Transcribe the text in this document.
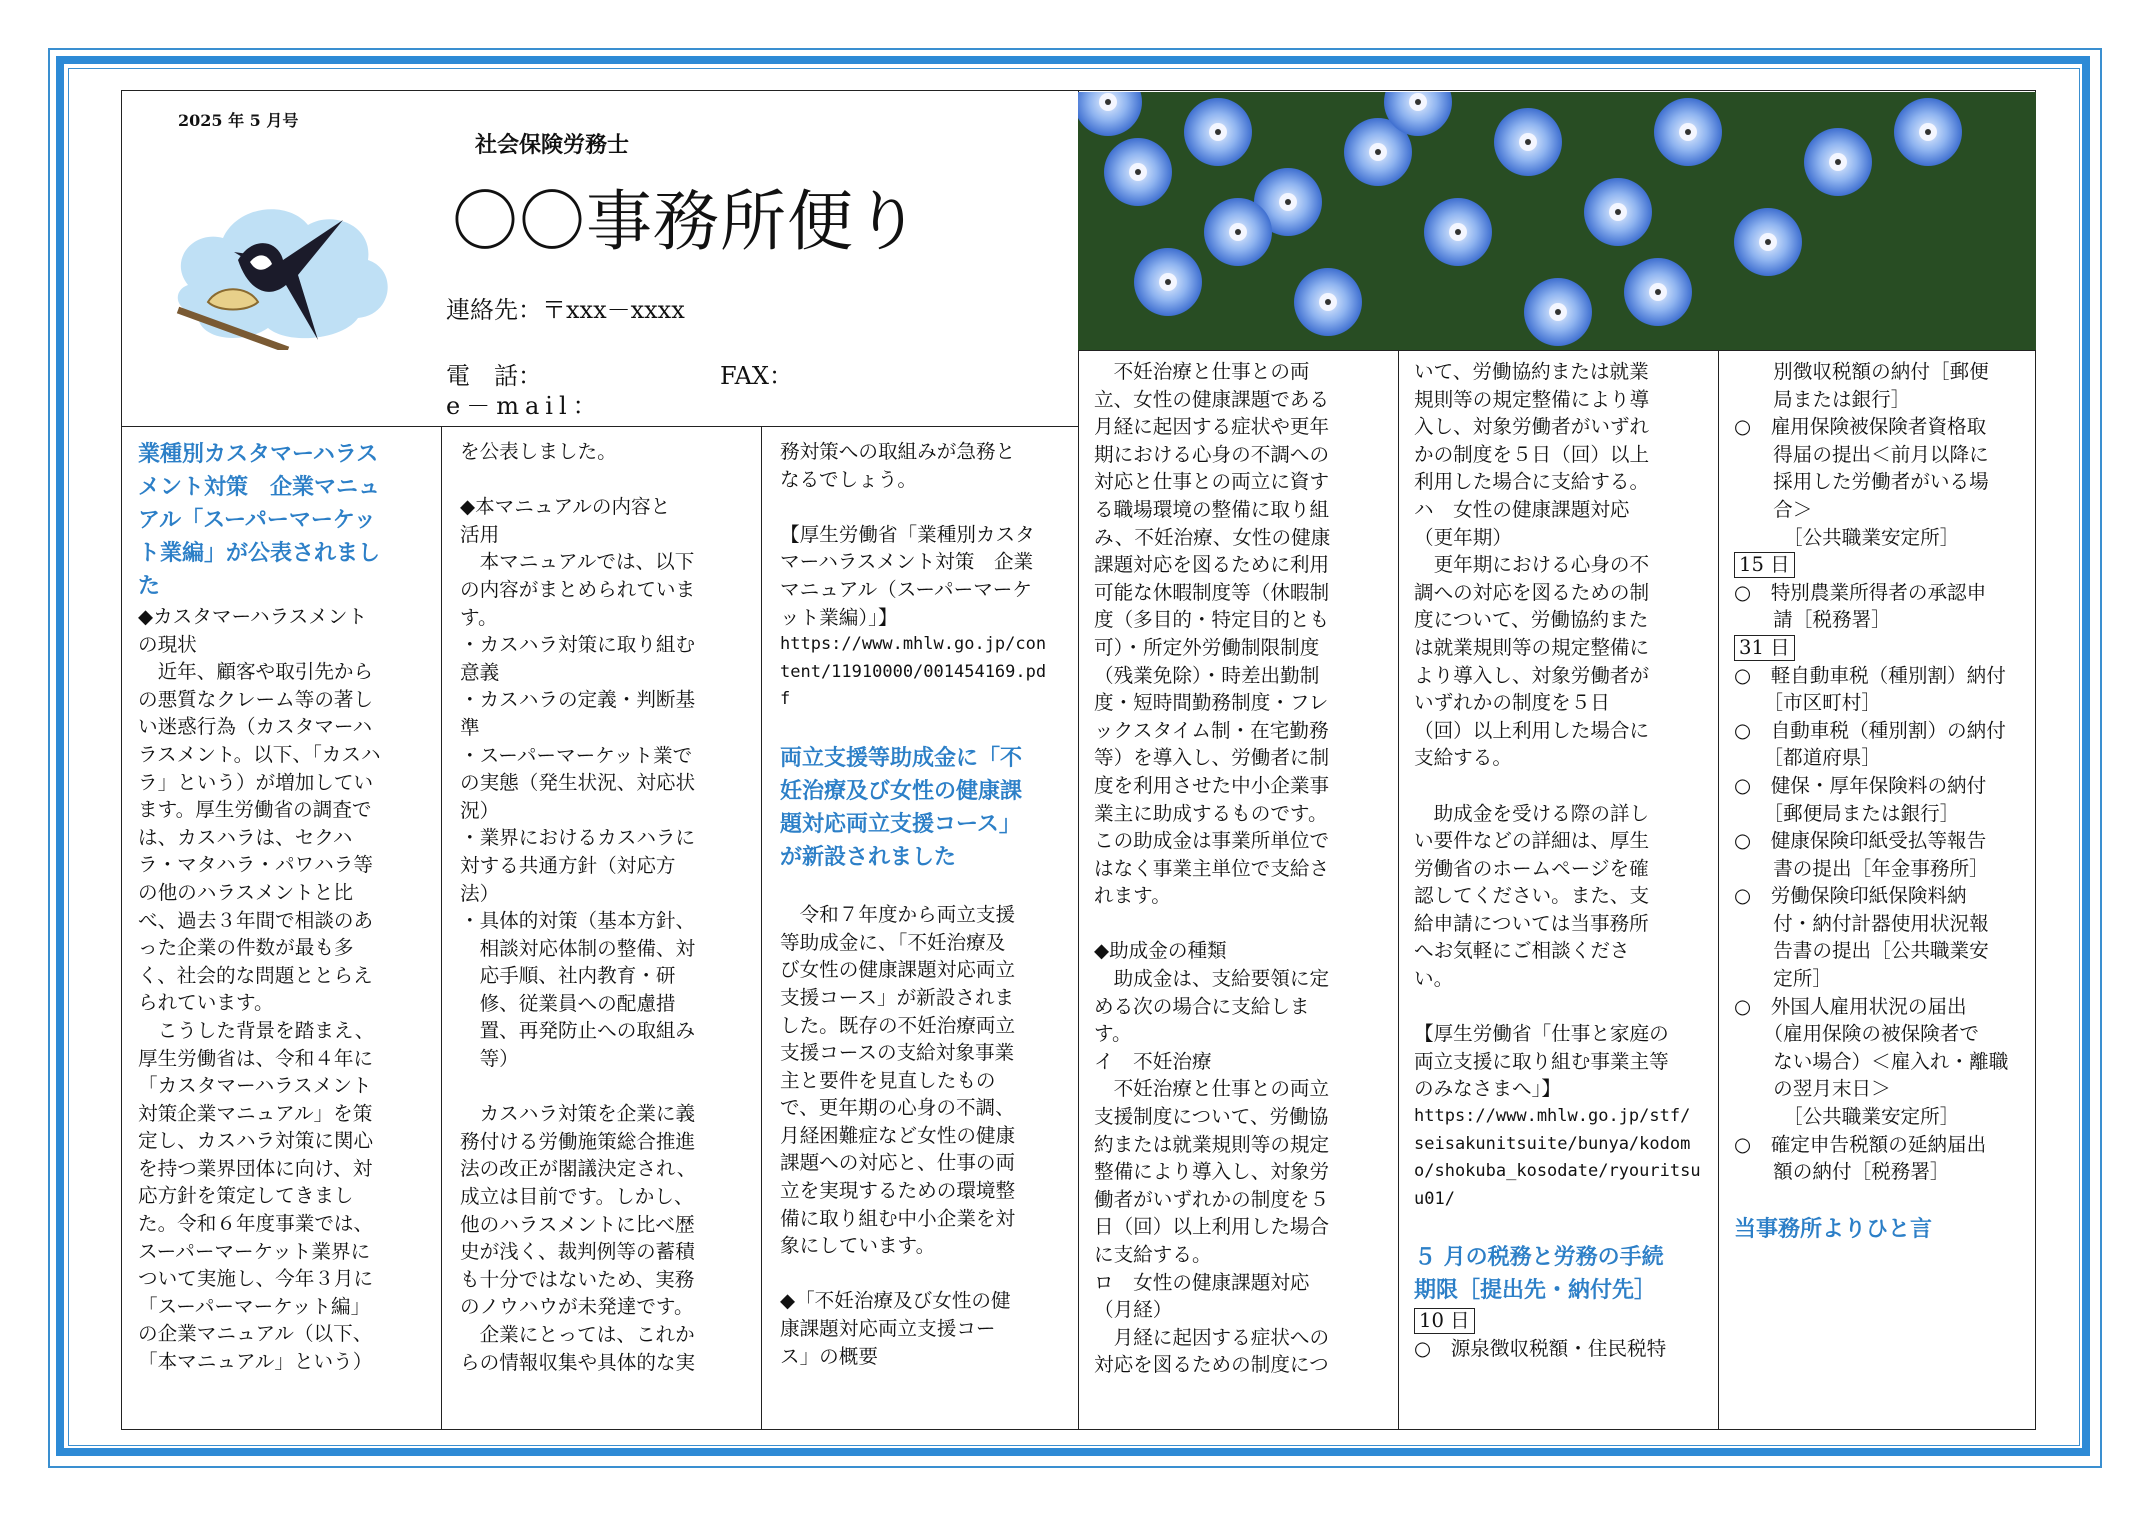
2025 年 5 月号
社会保険労務士
〇〇事務所便り
連絡先：〒xxx－xxxx
電　話：	FAX：
e－mail：

業種別カスタマーハラス

メント対策　企業マニュ

アル「スーパーマーケッ

ト業編」が公表されまし

た

◆カスタマーハラスメント

の現状

　近年、顧客や取引先から

の悪質なクレーム等の著し

い迷惑行為（カスタマーハ

ラスメント。以下、「カスハ

ラ」という）が増加してい

ます。厚生労働省の調査で

は、カスハラは、セクハ

ラ・マタハラ・パワハラ等

の他のハラスメントと比

べ、過去３年間で相談のあ

った企業の件数が最も多

く、社会的な問題ととらえ

られています。

　こうした背景を踏まえ、

厚生労働省は、令和４年に

「カスタマーハラスメント

対策企業マニュアル」を策

定し、カスハラ対策に関心

を持つ業界団体に向け、対

応方針を策定してきまし

た。令和６年度事業では、

スーパーマーケット業界に

ついて実施し、今年３月に

「スーパーマーケット編」

の企業マニュアル（以下、

「本マニュアル」という）

を公表しました。

◆本マニュアルの内容と

活用

　本マニュアルでは、以下

の内容がまとめられていま

す。

・カスハラ対策に取り組む

意義

・カスハラの定義・判断基

準

・スーパーマーケット業で

の実態（発生状況、対応状

況）

・業界におけるカスハラに

対する共通方針（対応方

法）

・具体的対策（基本方針、

　相談対応体制の整備、対

　応手順、社内教育・研

　修、従業員への配慮措

　置、再発防止への取組み

　等）

　カスハラ対策を企業に義

務付ける労働施策総合推進

法の改正が閣議決定され、

成立は目前です。しかし、

他のハラスメントに比べ歴

史が浅く、裁判例等の蓄積

も十分ではないため、実務

のノウハウが未発達です。

　企業にとっては、これか

らの情報収集や具体的な実

務対策への取組みが急務と

なるでしょう。

【厚生労働省「業種別カスタ

マーハラスメント対策　企業

マニュアル（スーパーマーケ

ット業編）」】

https://www.mhlw.go.jp/con

tent/11910000/001454169.pd

f

両立支援等助成金に「不

妊治療及び女性の健康課

題対応両立支援コース」

が新設されました

　令和７年度から両立支援

等助成金に、「不妊治療及

び女性の健康課題対応両立

支援コース」が新設されま

した。既存の不妊治療両立

支援コースの支給対象事業

主と要件を見直したもの

で、更年期の心身の不調、

月経困難症など女性の健康

課題への対応と、仕事の両

立を実現するための環境整

備に取り組む中小企業を対

象にしています。

◆「不妊治療及び女性の健

康課題対応両立支援コー

ス」の概要

　不妊治療と仕事との両

立、女性の健康課題である

月経に起因する症状や更年

期における心身の不調への

対応と仕事との両立に資す

る職場環境の整備に取り組

み、不妊治療、女性の健康

課題対応を図るために利用

可能な休暇制度等（休暇制

度（多目的・特定目的とも

可）・所定外労働制限制度

（残業免除）・時差出勤制

度・短時間勤務制度・フレ

ックスタイム制・在宅勤務

等）を導入し、労働者に制

度を利用させた中小企業事

業主に助成するものです。

この助成金は事業所単位で

はなく事業主単位で支給さ

れます。

◆助成金の種類

　助成金は、支給要領に定

める次の場合に支給しま

す。

イ　不妊治療

　不妊治療と仕事との両立

支援制度について、労働協

約または就業規則等の規定

整備により導入し、対象労

働者がいずれかの制度を５

日（回）以上利用した場合

に支給する。

ロ　女性の健康課題対応

（月経）

　月経に起因する症状への

対応を図るための制度につ

いて、労働協約または就業

規則等の規定整備により導

入し、対象労働者がいずれ

かの制度を５日（回）以上

利用した場合に支給する。

ハ　女性の健康課題対応

（更年期）

　更年期における心身の不

調への対応を図るための制

度について、労働協約また

は就業規則等の規定整備に

より導入し、対象労働者が

いずれかの制度を５日

（回）以上利用した場合に

支給する。

　助成金を受ける際の詳し

い要件などの詳細は、厚生

労働省のホームページを確

認してください。また、支

給申請については当事務所

へお気軽にご相談くださ

い。

【厚生労働省「仕事と家庭の

両立支援に取り組む事業主等

のみなさまへ」】

https://www.mhlw.go.jp/stf/

seisakunitsuite/bunya/kodom

o/shokuba_kosodate/ryouritsu

u01/

５ 月の税務と労務の手続

期限［提出先・納付先］

10 日

○　源泉徴収税額・住民税特

　　別徴収税額の納付［郵便

　　局または銀行］

○　雇用保険被保険者資格取

　　得届の提出＜前月以降に

　　採用した労働者がいる場

　　合＞

　　　［公共職業安定所］

15 日

○　特別農業所得者の承認申

　　請［税務署］

31 日

○　軽自動車税（種別割）納付

　　［市区町村］

○　自動車税（種別割）の納付

　　［都道府県］

○　健保・厚年保険料の納付

　　［郵便局または銀行］

○　健康保険印紙受払等報告

　　書の提出［年金事務所］

○　労働保険印紙保険料納

　　付・納付計器使用状況報

　　告書の提出［公共職業安

　　定所］

○　外国人雇用状況の届出

　　（雇用保険の被保険者で

　　ない場合）＜雇入れ・離職

　　の翌月末日＞

　　　［公共職業安定所］

○　確定申告税額の延納届出

　　額の納付［税務署］

当事務所よりひと言
